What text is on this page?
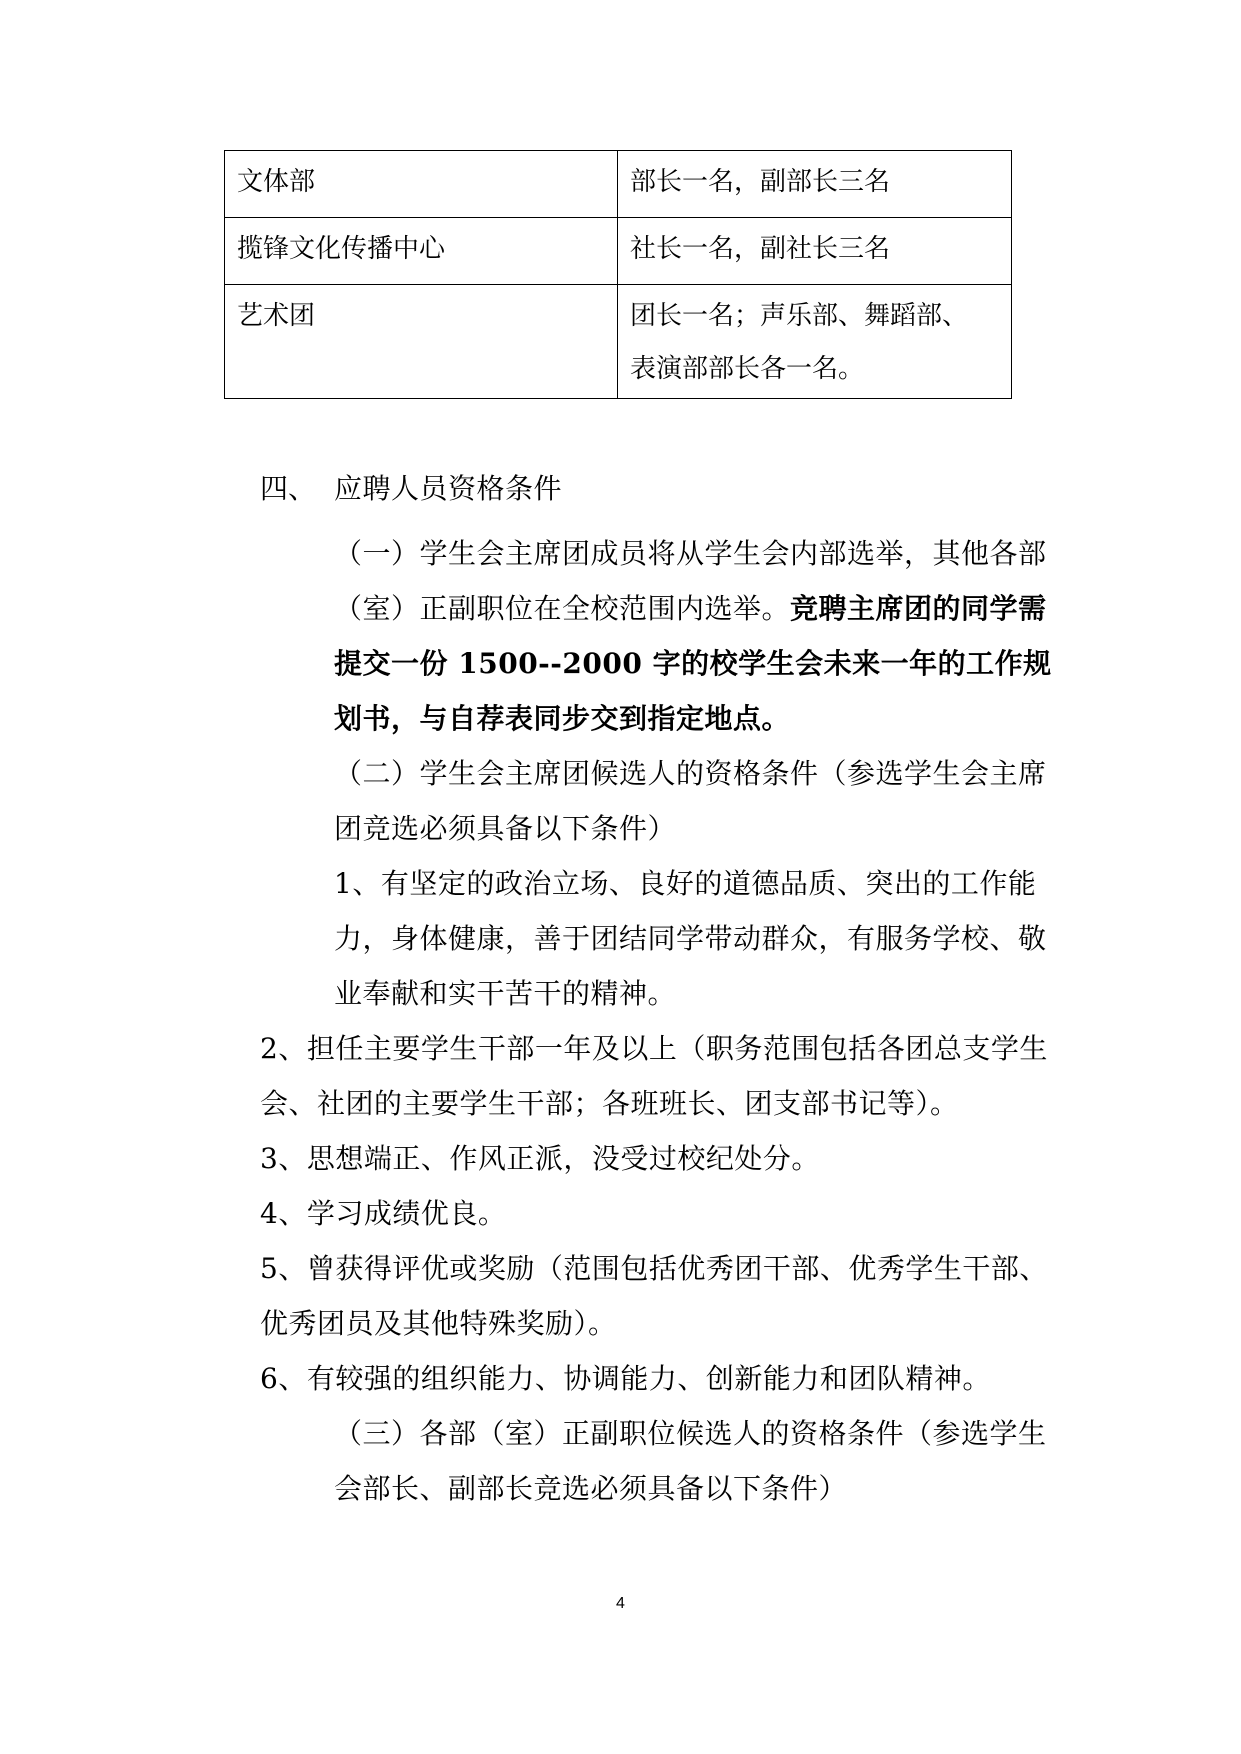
文体部	部长一名，副部长三名
揽锋文化传播中心	社长一名，副社长三名
艺术团	团长一名；声乐部、舞蹈部、
表演部部长各一名。
四、 应聘人员资格条件
（一）学生会主席团成员将从学生会内部选举，其他各部
（室）正副职位在全校范围内选举。竞聘主席团的同学需
提交一份 1500--2000 字的校学生会未来一年的工作规
划书，与自荐表同步交到指定地点。
（二）学生会主席团候选人的资格条件（参选学生会主席
团竞选必须具备以下条件）
1、有坚定的政治立场、良好的道德品质、突出的工作能
力，身体健康，善于团结同学带动群众，有服务学校、敬
业奉献和实干苦干的精神。
2、担任主要学生干部一年及以上（职务范围包括各团总支学生
会、社团的主要学生干部；各班班长、团支部书记等）。
3、思想端正、作风正派，没受过校纪处分。
4、学习成绩优良。
5、曾获得评优或奖励（范围包括优秀团干部、优秀学生干部、
优秀团员及其他特殊奖励）。
6、有较强的组织能力、协调能力、创新能力和团队精神。
（三）各部（室）正副职位候选人的资格条件（参选学生
会部长、副部长竞选必须具备以下条件）
4
